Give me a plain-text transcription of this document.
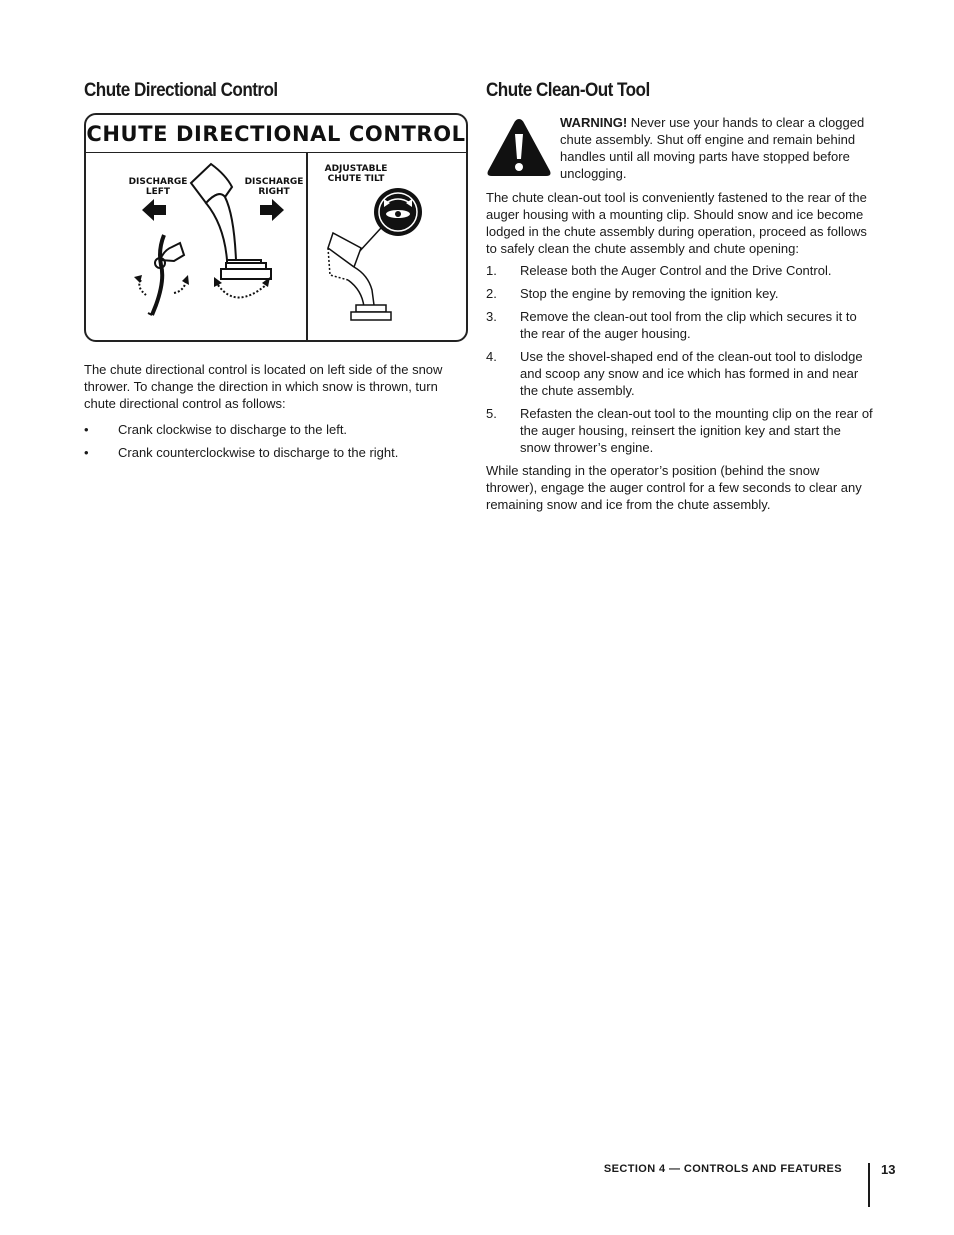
Chute Directional Control
CHUTE DIRECTIONAL CONTROL
DISCHARGE
LEFT
DISCHARGE
RIGHT
ADJUSTABLE
CHUTE TILT

The chute directional control is located on left side of the snow thrower. To change the direction in which snow is thrown, turn chute directional control as follows:

• Crank clockwise to discharge to the left.
• Crank counterclockwise to discharge to the right.
Chute Clean-Out Tool

WARNING! Never use your hands to clear a clogged chute assembly. Shut off engine and remain behind handles until all moving parts have stopped before unclogging.

The chute clean-out tool is conveniently fastened to the rear of the auger housing with a mounting clip. Should snow and ice become lodged in the chute assembly during operation, proceed as follows to safely clean the chute assembly and chute opening:

1. Release both the Auger Control and the Drive Control.
2. Stop the engine by removing the ignition key.
3. Remove the clean-out tool from the clip which secures it to the rear of the auger housing.
4. Use the shovel-shaped end of the clean-out tool to dislodge and scoop any snow and ice which has formed in and near the chute assembly.
5. Refasten the clean-out tool to the mounting clip on the rear of the auger housing, reinsert the ignition key and start the snow thrower’s engine.

While standing in the operator’s position (behind the snow thrower), engage the auger control for a few seconds to clear any remaining snow and ice from the chute assembly.

SECTION 4 — CONTROLS AND FEATURES	13
